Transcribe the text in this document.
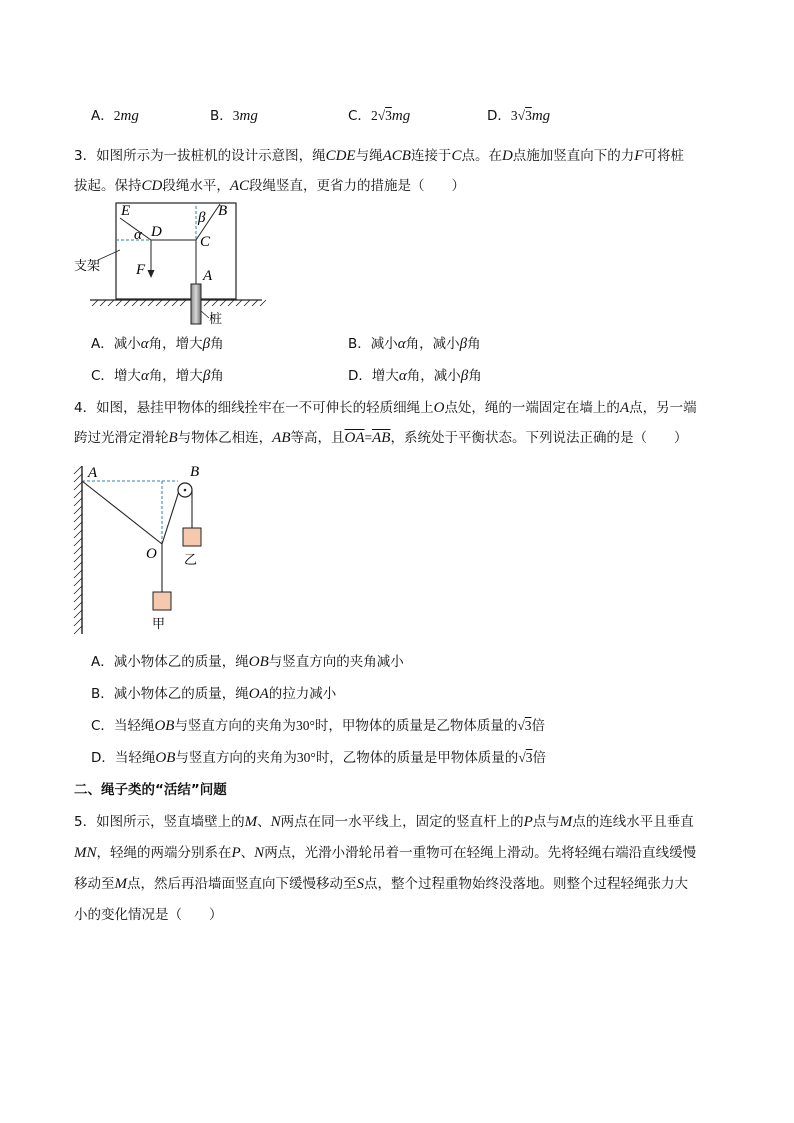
A．2mg	B．3mg	C．2√3mg	D．3√3mg
3．如图所示为一拔桩机的设计示意图，绳CDE与绳ACB连接于C点。在D点施加竖直向下的力F可将桩
拔起。保持CD段绳水平，AC段绳竖直，更省力的措施是（　　）
E
D
C
B
A
F
α
β
支架
桩
A．减小α角，增大β角	B．减小α角，减小β角
C．增大α角，增大β角	D．增大α角，减小β角
4．如图，悬挂甲物体的细线拴牢在一不可伸长的轻质细绳上O点处，绳的一端固定在墙上的A点，另一端
跨过光滑定滑轮B与物体乙相连，AB等高，且$\overline{OA}=\overline{AB}$，系统处于平衡状态。下列说法正确的是（　　）
A	B
O 乙
甲
A．减小物体乙的质量，绳OB与竖直方向的夹角减小
B．减小物体乙的质量，绳OA的拉力减小
C．当轻绳OB与竖直方向的夹角为30°时，甲物体的质量是乙物体质量的√3倍
D．当轻绳OB与竖直方向的夹角为30°时，乙物体的质量是甲物体质量的√3倍
二、绳子类的“活结”问题
5．如图所示，竖直墙壁上的M、N两点在同一水平线上，固定的竖直杆上的P点与M点的连线水平且垂直
MN，轻绳的两端分别系在P、N两点，光滑小滑轮吊着一重物可在轻绳上滑动。先将轻绳右端沿直线缓慢
移动至M点，然后再沿墙面竖直向下缓慢移动至S点，整个过程重物始终没落地。则整个过程轻绳张力大
小的变化情况是（　　）
